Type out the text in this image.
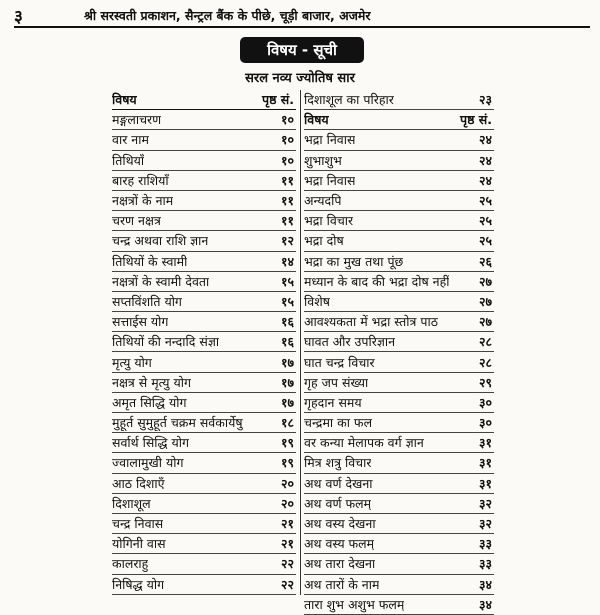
३	श्री सरस्वती प्रकाशन, सैन्ट्रल बैंक के पीछे, चूड़ी बाजार, अजमेर
विषय - सूची
सरल नव्य ज्योतिष सार
विषय	पृष्ठ सं.
मङ्गलाचरण	१०
वार नाम	१०
तिथियाँ	१०
बारह राशियाँ	११
नक्षत्रों के नाम	११
चरण नक्षत्र	११
चन्द्र अथवा राशि ज्ञान	१२
तिथियों के स्वामी	१४
नक्षत्रों के स्वामी देवता	१५
सप्तविंशति योग	१५
सत्ताईस योग	१६
तिथियों की नन्दादि संज्ञा	१६
मृत्यु योग	१७
नक्षत्र से मृत्यु योग	१७
अमृत सिद्धि योग	१७
मुहूर्त सुमुहूर्त चक्रम सर्वकार्येषु	१८
सर्वार्थ सिद्धि योग	१९
ज्वालामुखी योग	१९
आठ दिशाएँ	२०
दिशाशूल	२०
चन्द्र निवास	२१
योगिनी वास	२१
कालराहु	२२
निषिद्ध योग	२२
दिशाशूल का परिहार	२३
विषय	पृष्ठ सं.
भद्रा निवास	२४
शुभाशुभ	२४
भद्रा निवास	२४
अन्यदपि	२५
भद्रा विचार	२५
भद्रा दोष	२५
भद्रा का मुख तथा पूंछ	२६
मध्यान के बाद की भद्रा दोष नहीं २७
विशेष	२७
आवश्यकता में भद्रा स्तोत्र पाठ	२७
घावत और उपरिज्ञान	२८
घात चन्द्र विचार	२८
गृह जप संख्या	२९
गृहदान समय	३०
चन्द्रमा का फल	३०
वर कन्या मेलापक वर्ग ज्ञान	३१
मित्र शत्रु विचार	३१
अथ वर्ण देखना	३१
अथ वर्ण फलम्	३२
अथ वस्य देखना	३२
अथ वस्य फलम्	३३
अथ तारा देखना	३३
अथ तारों के नाम	३४
तारा शुभ अशुभ फलम्	३४
